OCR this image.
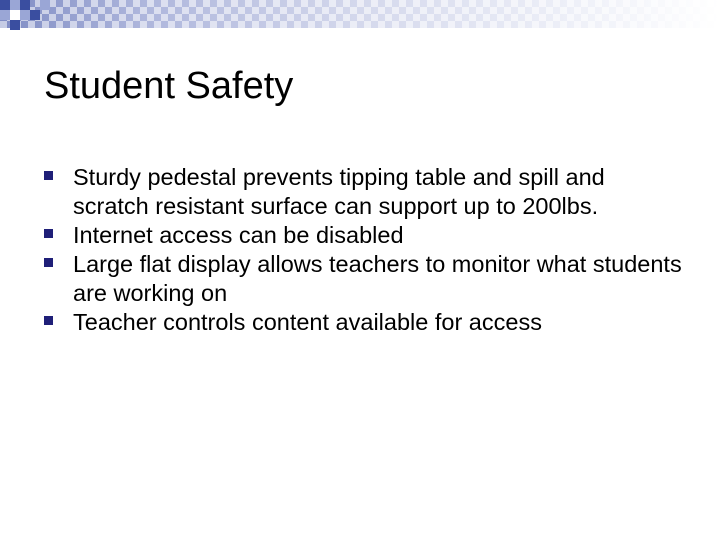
Student Safety
Sturdy pedestal prevents tipping table and spill and scratch resistant surface can support up to 200lbs.
Internet access can be disabled
Large flat display allows teachers to monitor what students are working on
Teacher controls content available for access
